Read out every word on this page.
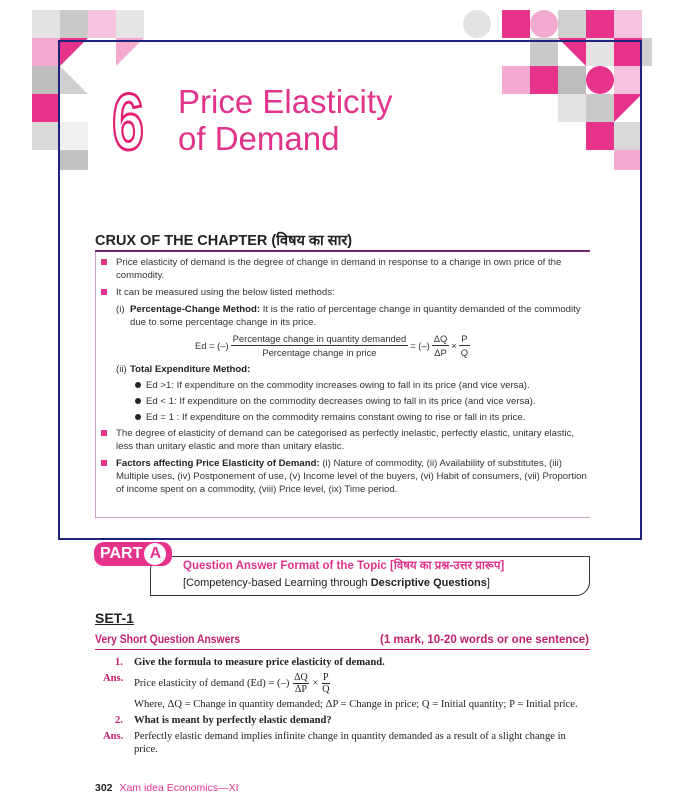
6 Price Elasticity
of Demand
CRUX OF THE CHAPTER (विषय का सार)
Price elasticity of demand is the degree of change in demand in response to a change in own price of the commodity.
It can be measured using the below listed methods:
(i) Percentage-Change Method: It is the ratio of percentage change in quantity demanded of the commodity due to some percentage change in its price.
Ed = (–) $\frac{\text{Percentage change in quantity demanded}}{\text{Percentage change in price}}$ = (–) $\frac{\Delta Q}{\Delta P} \times \frac{P}{Q}$
(ii) Total Expenditure Method:
Ed >1: If expenditure on the commodity increases owing to fall in its price (and vice versa).
Ed < 1: If expenditure on the commodity decreases owing to fall in its price (and vice versa).
Ed = 1 : If expenditure on the commodity remains constant owing to rise or fall in its price.
The degree of elasticity of demand can be categorised as perfectly inelastic, perfectly elastic, unitary elastic, less than unitary elastic and more than unitary elastic.
Factors affecting Price Elasticity of Demand: (i) Nature of commodity, (ii) Availability of substitutes, (iii) Multiple uses, (iv) Postponement of use, (v) Income level of the buyers, (vi) Habit of consumers, (vii) Proportion of income spent on a commodity, (viii) Price level, (ix) Time period.
PART A
Question Answer Format of the Topic [विषय का प्रश्न-उत्तर प्रारूप]
[Competency-based Learning through Descriptive Questions]
SET-1
Very Short Question Answers	(1 mark, 10-20 words or one sentence)
1. Give the formula to measure price elasticity of demand.
Ans. Price elasticity of demand (Ed) = (–) $\frac{\Delta Q}{\Delta P} \times \frac{P}{Q}$
Where, ΔQ = Change in quantity demanded; ΔP = Change in price; Q = Initial quantity; P = Initial price.
2. What is meant by perfectly elastic demand?
Ans. Perfectly elastic demand implies infinite change in quantity demanded as a result of a slight change in price.
302 Xam idea Economics—XI
